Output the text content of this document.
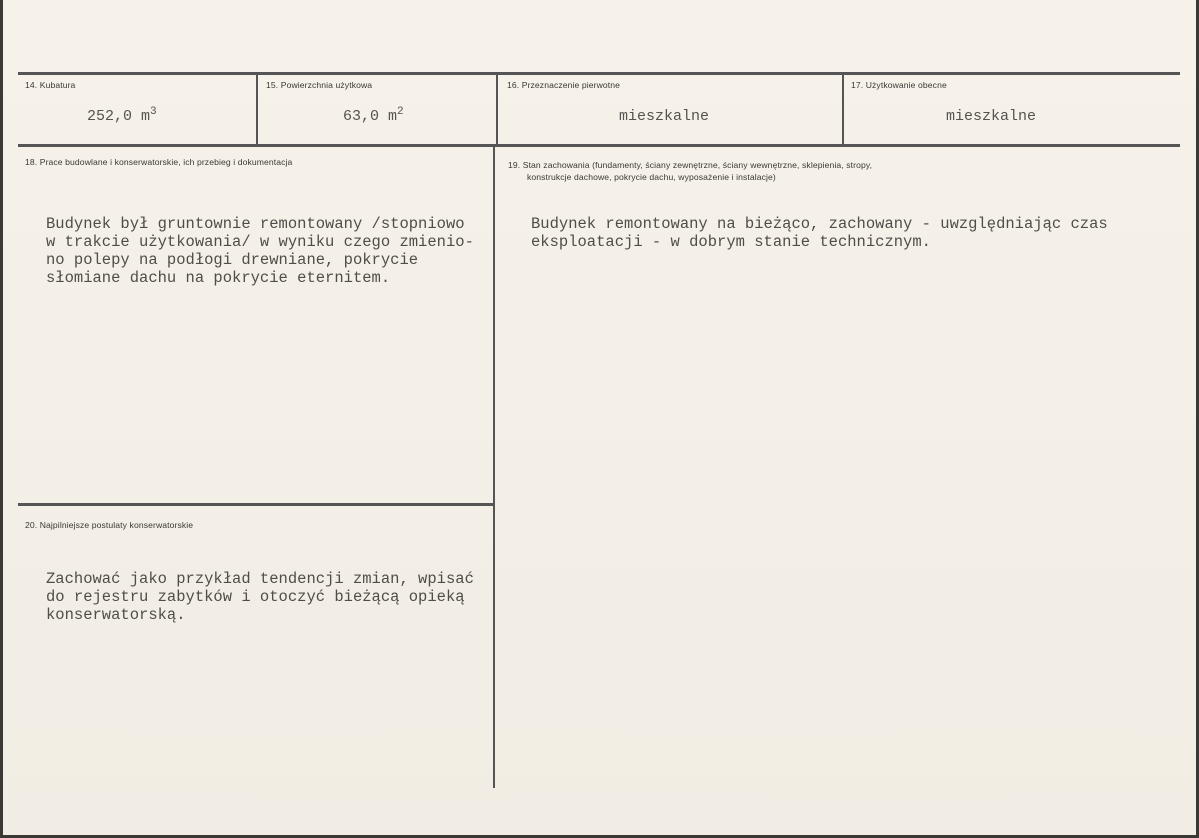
14. Kubatura
252,0 $m^3$
15. Powierzchnia użytkowa
63,0 $m^2$
16. Przeznaczenie pierwotne
mieszkalne
17. Użytkowanie obecne
mieszkalne
18. Prace budowlane i konserwatorskie, ich przebieg i dokumentacja
Budynek był gruntownie remontowany /stopniowo
w trakcie użytkowania/ w wyniku czego zmienio-
no polepy na podłogi drewniane, pokrycie
słomiane dachu na pokrycie eternitem.
19. Stan zachowania (fundamenty, ściany zewnętrzne, ściany wewnętrzne, sklepienia, stropy,
konstrukcje dachowe, pokrycie dachu, wyposażenie i instalacje)
Budynek remontowany na bieżąco, zachowany - uwzględniając czas
eksploatacji - w dobrym stanie technicznym.
20. Najpilniejsze postulaty konserwatorskie
Zachować jako przykład tendencji zmian, wpisać
do rejestru zabytków i otoczyć bieżącą opieką
konserwatorską.
